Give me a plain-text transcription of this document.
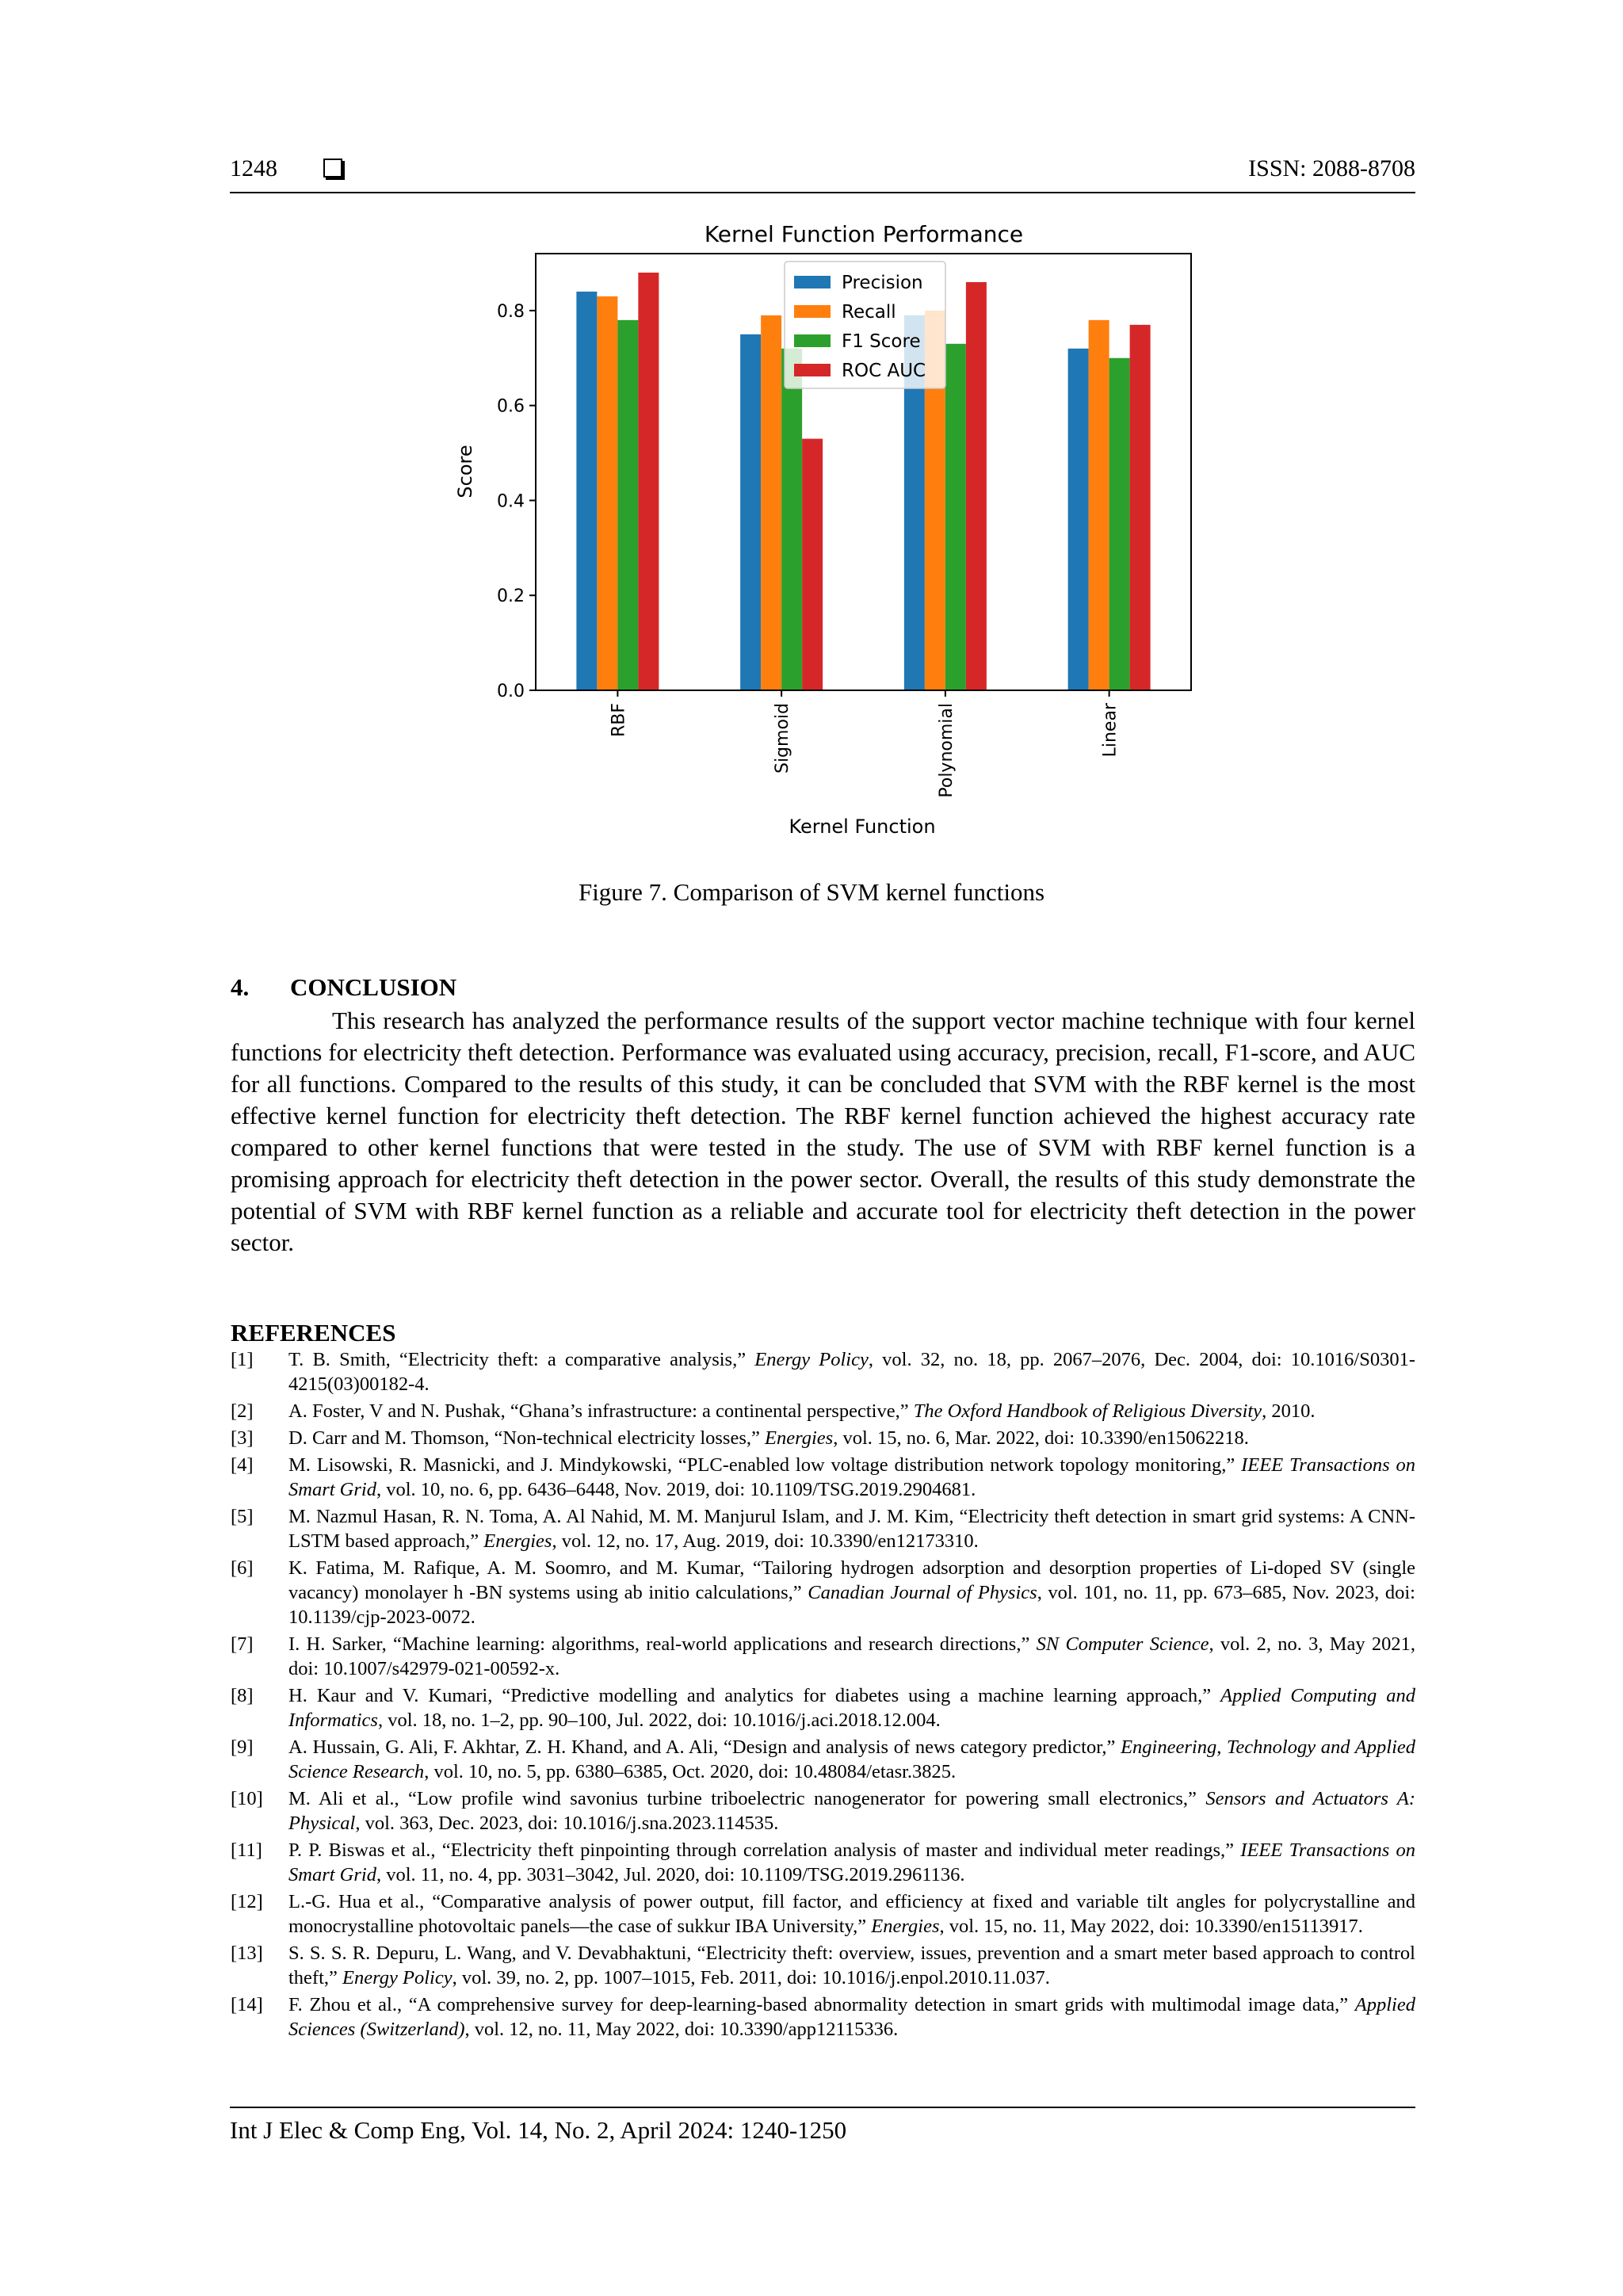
1248	ISSN: 2088-8708
Kernel Function Performance
Score
Kernel Function
0.0
0.2
0.4
0.6
0.8
RBF	Sigmoid	Polynomial	Linear
Precision
Recall
F1 Score
ROC AUC
Figure 7. Comparison of SVM kernel functions
4. CONCLUSION

This research has analyzed the performance results of the support vector machine technique with four kernel functions for electricity theft detection. Performance was evaluated using accuracy, precision, recall, F1-score, and AUC for all functions. Compared to the results of this study, it can be concluded that SVM with the RBF kernel is the most effective kernel function for electricity theft detection. The RBF kernel function achieved the highest accuracy rate compared to other kernel functions that were tested in the study. The use of SVM with RBF kernel function is a promising approach for electricity theft detection in the power sector. Overall, the results of this study demonstrate the potential of SVM with RBF kernel function as a reliable and accurate tool for electricity theft detection in the power sector.

REFERENCES
[1]	T. B. Smith, “Electricity theft: a comparative analysis,” Energy Policy, vol. 32, no. 18, pp. 2067–2076, Dec. 2004, doi: 10.1016/S0301-4215(03)00182-4.
[2]	A. Foster, V and N. Pushak, “Ghana’s infrastructure: a continental perspective,” The Oxford Handbook of Religious Diversity, 2010.
[3]	D. Carr and M. Thomson, “Non-technical electricity losses,” Energies, vol. 15, no. 6, Mar. 2022, doi: 10.3390/en15062218.
[4]	M. Lisowski, R. Masnicki, and J. Mindykowski, “PLC-enabled low voltage distribution network topology monitoring,” IEEE Transactions on Smart Grid, vol. 10, no. 6, pp. 6436–6448, Nov. 2019, doi: 10.1109/TSG.2019.2904681.
[5]	M. Nazmul Hasan, R. N. Toma, A. Al Nahid, M. M. Manjurul Islam, and J. M. Kim, “Electricity theft detection in smart grid systems: A CNN-LSTM based approach,” Energies, vol. 12, no. 17, Aug. 2019, doi: 10.3390/en12173310.
[6]	K. Fatima, M. Rafique, A. M. Soomro, and M. Kumar, “Tailoring hydrogen adsorption and desorption properties of Li-doped SV (single vacancy) monolayer h -BN systems using ab initio calculations,” Canadian Journal of Physics, vol. 101, no. 11, pp. 673–685, Nov. 2023, doi: 10.1139/cjp-2023-0072.
[7]	I. H. Sarker, “Machine learning: algorithms, real-world applications and research directions,” SN Computer Science, vol. 2, no. 3, May 2021, doi: 10.1007/s42979-021-00592-x.
[8]	H. Kaur and V. Kumari, “Predictive modelling and analytics for diabetes using a machine learning approach,” Applied Computing and Informatics, vol. 18, no. 1–2, pp. 90–100, Jul. 2022, doi: 10.1016/j.aci.2018.12.004.
[9]	A. Hussain, G. Ali, F. Akhtar, Z. H. Khand, and A. Ali, “Design and analysis of news category predictor,” Engineering, Technology and Applied Science Research, vol. 10, no. 5, pp. 6380–6385, Oct. 2020, doi: 10.48084/etasr.3825.
[10]	M. Ali et al., “Low profile wind savonius turbine triboelectric nanogenerator for powering small electronics,” Sensors and Actuators A: Physical, vol. 363, Dec. 2023, doi: 10.1016/j.sna.2023.114535.
[11]	P. P. Biswas et al., “Electricity theft pinpointing through correlation analysis of master and individual meter readings,” IEEE Transactions on Smart Grid, vol. 11, no. 4, pp. 3031–3042, Jul. 2020, doi: 10.1109/TSG.2019.2961136.
[12]	L.-G. Hua et al., “Comparative analysis of power output, fill factor, and efficiency at fixed and variable tilt angles for polycrystalline and monocrystalline photovoltaic panels—the case of sukkur IBA University,” Energies, vol. 15, no. 11, May 2022, doi: 10.3390/en15113917.
[13]	S. S. S. R. Depuru, L. Wang, and V. Devabhaktuni, “Electricity theft: overview, issues, prevention and a smart meter based approach to control theft,” Energy Policy, vol. 39, no. 2, pp. 1007–1015, Feb. 2011, doi: 10.1016/j.enpol.2010.11.037.
[14]	F. Zhou et al., “A comprehensive survey for deep-learning-based abnormality detection in smart grids with multimodal image data,” Applied Sciences (Switzerland), vol. 12, no. 11, May 2022, doi: 10.3390/app12115336.
Int J Elec & Comp Eng, Vol. 14, No. 2, April 2024: 1240-1250
